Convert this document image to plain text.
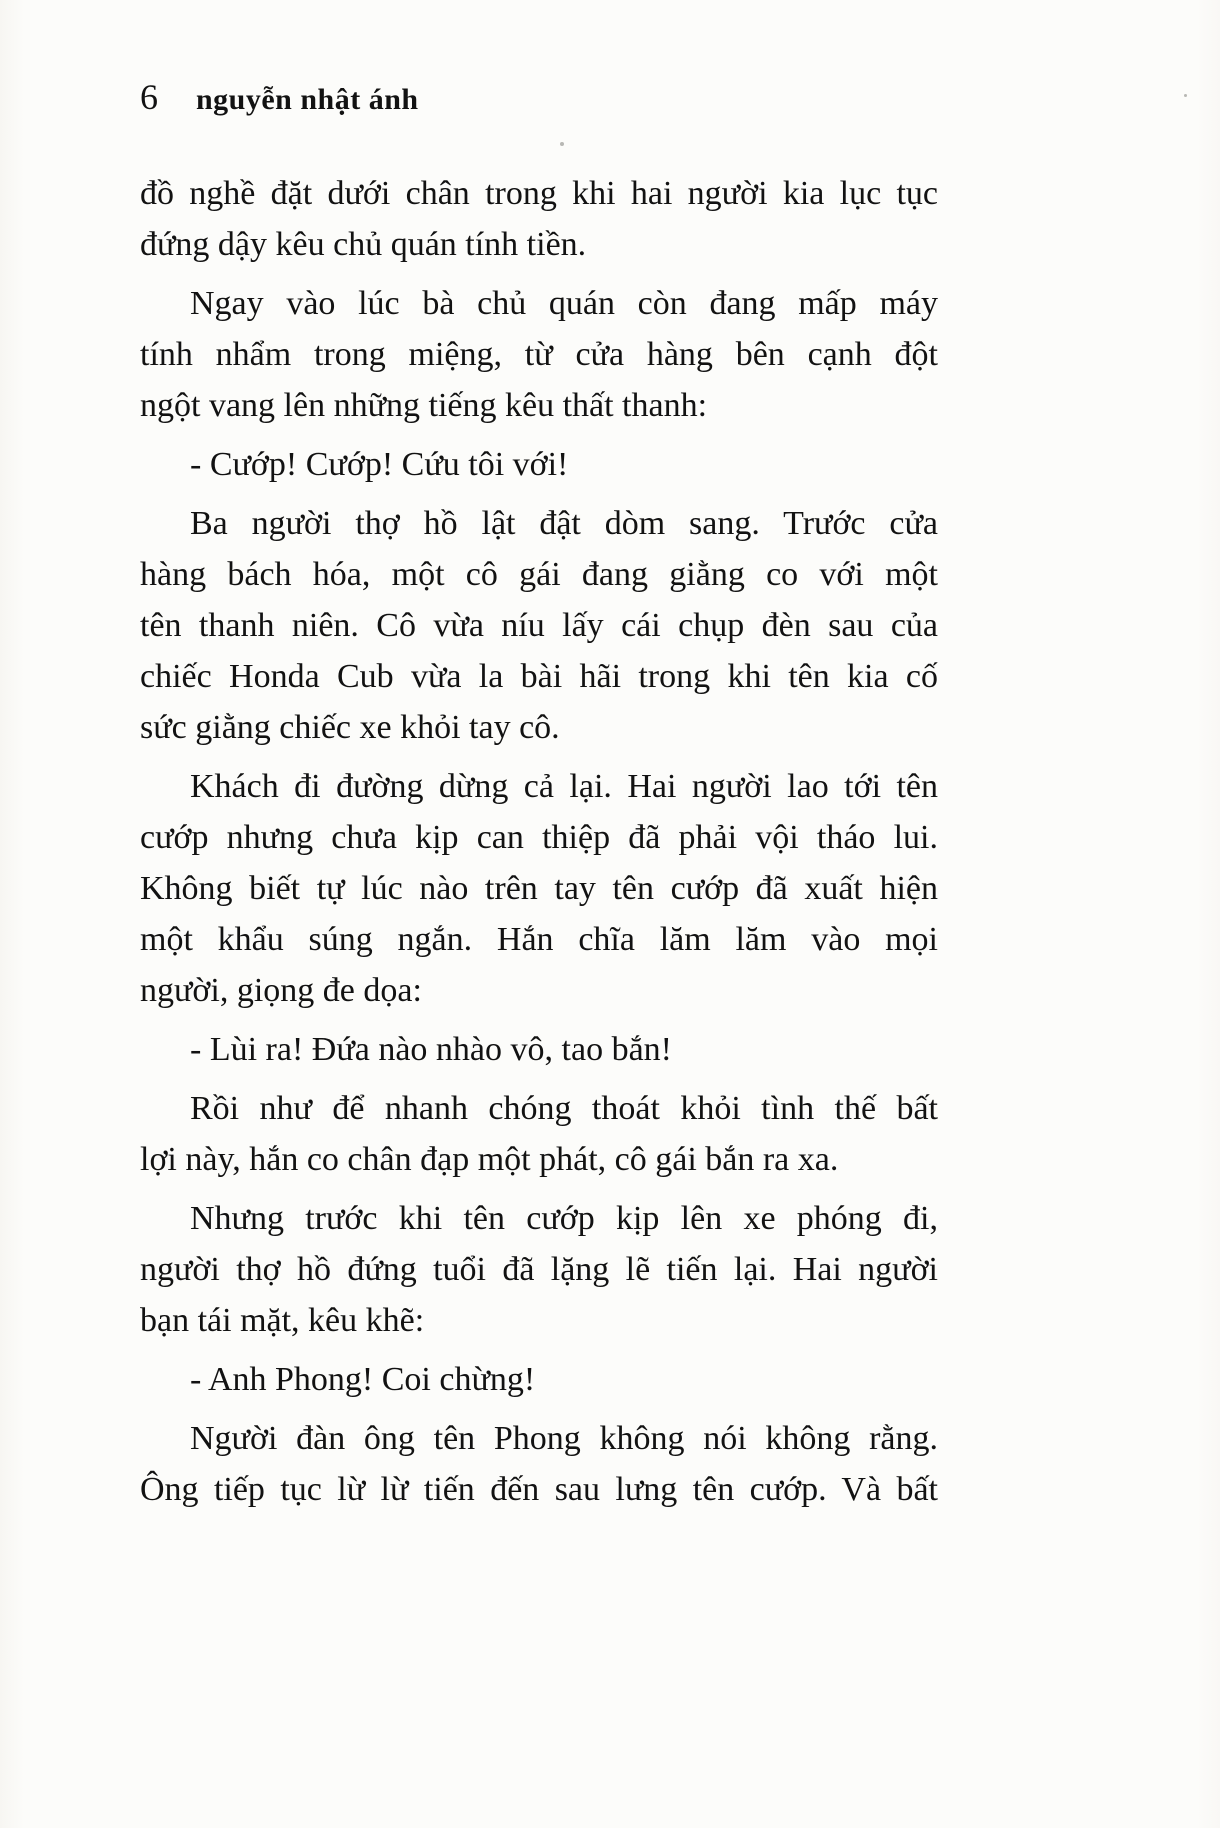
6 nguyễn nhật ánh
đồ nghề đặt dưới chân trong khi hai người kia lục tục
đứng dậy kêu chủ quán tính tiền.
Ngay vào lúc bà chủ quán còn đang mấp máy
tính nhẩm trong miệng, từ cửa hàng bên cạnh đột
ngột vang lên những tiếng kêu thất thanh:
- Cướp! Cướp! Cứu tôi với!
Ba người thợ hồ lật đật dòm sang. Trước cửa
hàng bách hóa, một cô gái đang giằng co với một
tên thanh niên. Cô vừa níu lấy cái chụp đèn sau của
chiếc Honda Cub vừa la bài hãi trong khi tên kia cố
sức giằng chiếc xe khỏi tay cô.
Khách đi đường dừng cả lại. Hai người lao tới tên
cướp nhưng chưa kịp can thiệp đã phải vội tháo lui.
Không biết tự lúc nào trên tay tên cướp đã xuất hiện
một khẩu súng ngắn. Hắn chĩa lăm lăm vào mọi
người, giọng đe dọa:
- Lùi ra! Đứa nào nhào vô, tao bắn!
Rồi như để nhanh chóng thoát khỏi tình thế bất
lợi này, hắn co chân đạp một phát, cô gái bắn ra xa.
Nhưng trước khi tên cướp kịp lên xe phóng đi,
người thợ hồ đứng tuổi đã lặng lẽ tiến lại. Hai người
bạn tái mặt, kêu khẽ:
- Anh Phong! Coi chừng!
Người đàn ông tên Phong không nói không rằng.
Ông tiếp tục lừ lừ tiến đến sau lưng tên cướp. Và bất
